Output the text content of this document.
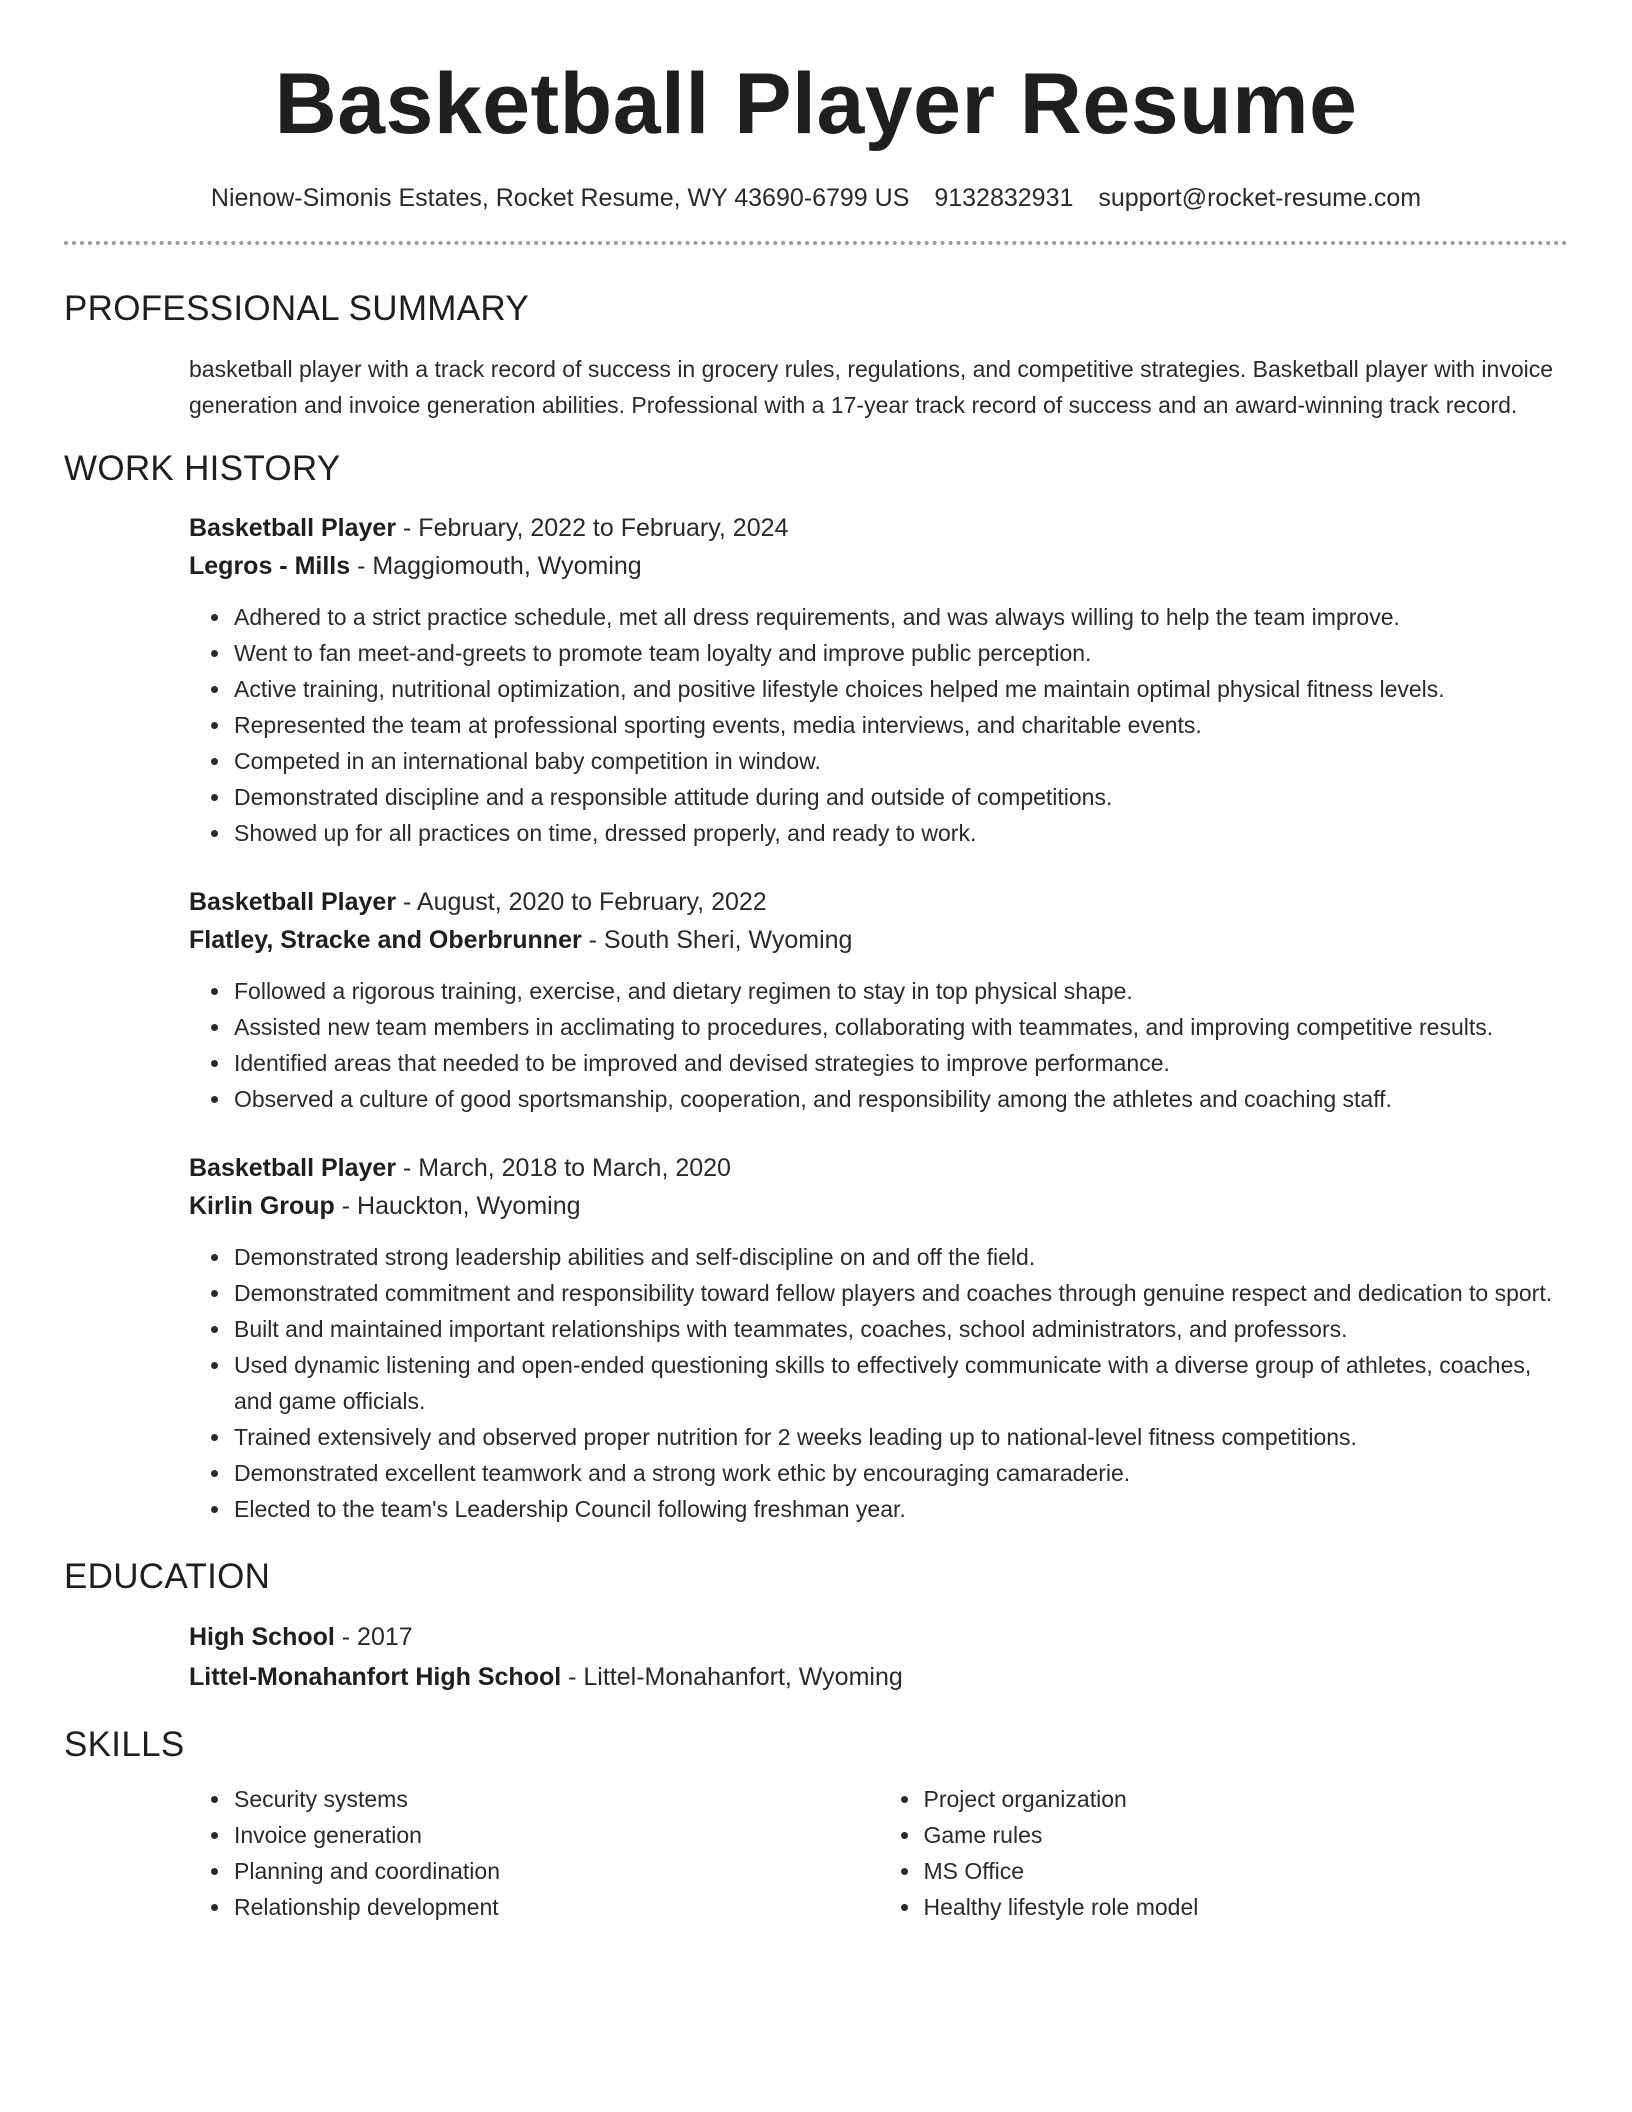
Basketball Player Resume
Nienow-Simonis Estates, Rocket Resume, WY 43690-6799 US 9132832931 support@rocket-resume.com
PROFESSIONAL SUMMARY
basketball player with a track record of success in grocery rules, regulations, and competitive strategies. Basketball player with invoice generation and invoice generation abilities. Professional with a 17-year track record of success and an award-winning track record.
WORK HISTORY
Basketball Player - February, 2022 to February, 2024
Legros - Mills - Maggiomouth, Wyoming
• Adhered to a strict practice schedule, met all dress requirements, and was always willing to help the team improve.
• Went to fan meet-and-greets to promote team loyalty and improve public perception.
• Active training, nutritional optimization, and positive lifestyle choices helped me maintain optimal physical fitness levels.
• Represented the team at professional sporting events, media interviews, and charitable events.
• Competed in an international baby competition in window.
• Demonstrated discipline and a responsible attitude during and outside of competitions.
• Showed up for all practices on time, dressed properly, and ready to work.
Basketball Player - August, 2020 to February, 2022
Flatley, Stracke and Oberbrunner - South Sheri, Wyoming
• Followed a rigorous training, exercise, and dietary regimen to stay in top physical shape.
• Assisted new team members in acclimating to procedures, collaborating with teammates, and improving competitive results.
• Identified areas that needed to be improved and devised strategies to improve performance.
• Observed a culture of good sportsmanship, cooperation, and responsibility among the athletes and coaching staff.
Basketball Player - March, 2018 to March, 2020
Kirlin Group - Hauckton, Wyoming
• Demonstrated strong leadership abilities and self-discipline on and off the field.
• Demonstrated commitment and responsibility toward fellow players and coaches through genuine respect and dedication to sport.
• Built and maintained important relationships with teammates, coaches, school administrators, and professors.
• Used dynamic listening and open-ended questioning skills to effectively communicate with a diverse group of athletes, coaches, and game officials.
• Trained extensively and observed proper nutrition for 2 weeks leading up to national-level fitness competitions.
• Demonstrated excellent teamwork and a strong work ethic by encouraging camaraderie.
• Elected to the team's Leadership Council following freshman year.
EDUCATION
High School - 2017
Littel-Monahanfort High School - Littel-Monahanfort, Wyoming
SKILLS
• Security systems
• Invoice generation
• Planning and coordination
• Relationship development
• Project organization
• Game rules
• MS Office
• Healthy lifestyle role model
